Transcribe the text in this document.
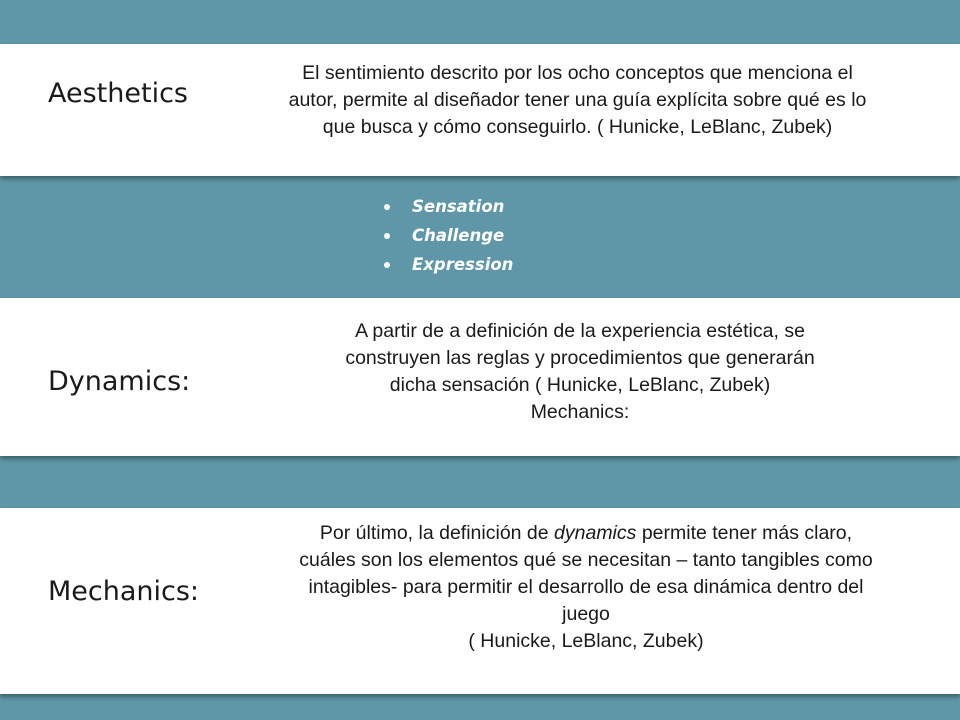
Aesthetics

El sentimiento descrito por los ocho conceptos que menciona el

autor, permite al diseñador tener una guía explícita sobre qué es lo

que busca y cómo conseguirlo. ( Hunicke, LeBlanc, Zubek)

Sensation
Challenge
Expression
Dynamics:

A partir de a definición de la experiencia estética, se

construyen las reglas y procedimientos que generarán

dicha sensación ( Hunicke, LeBlanc, Zubek)

Mechanics:

Mechanics:

Por último, la definición de dynamics permite tener más claro,

cuáles son los elementos qué se necesitan – tanto tangibles como

intagibles- para permitir el desarrollo de esa dinámica dentro del

juego

( Hunicke, LeBlanc, Zubek)
